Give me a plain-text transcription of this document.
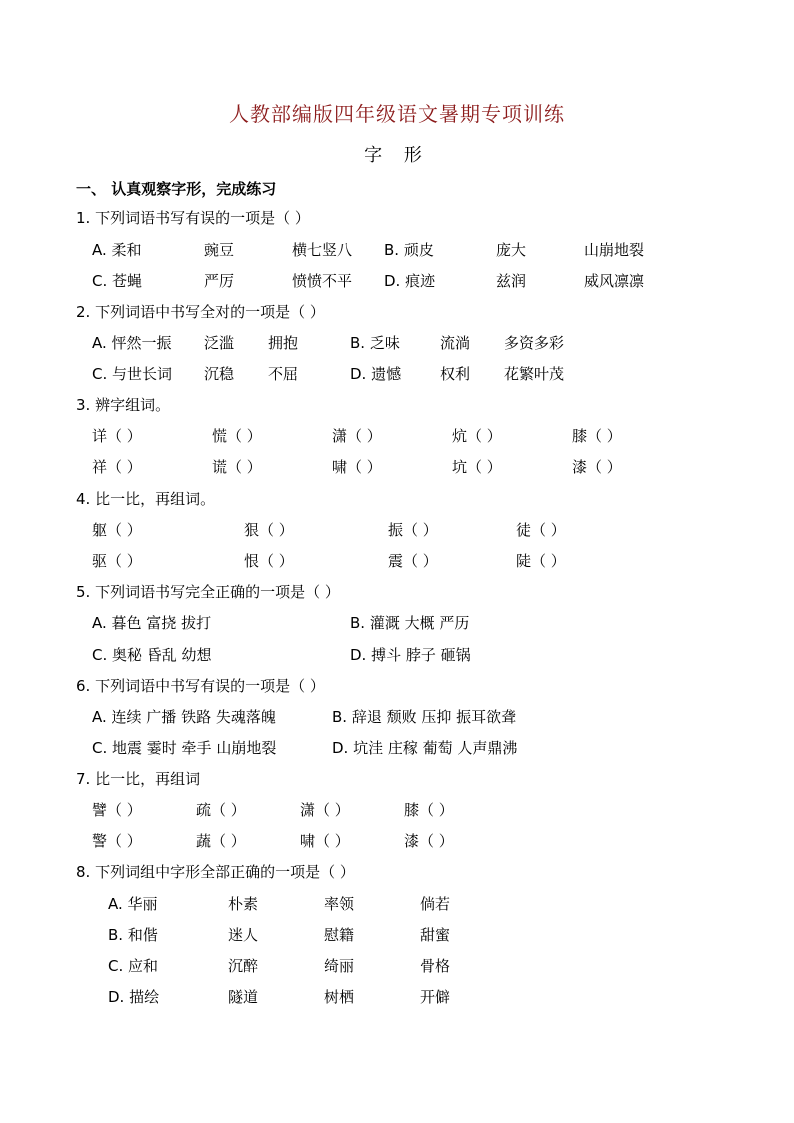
人教部编版四年级语文暑期专项训练
字 形
一、 认真观察字形，完成练习
1. 下列词语书写有误的一项是（ ）
A. 柔和	豌豆	横七竖八 B. 顽皮	庞大	山崩地裂
C. 苍蝇	严厉	愤愤不平 D. 痕迹	兹润	威风凛凛
2. 下列词语中书写全对的一项是（ ）
A. 怦然一振 泛滥 拥抱	B. 乏味	流淌 多资多彩
C. 与世长词 沉稳 不屈	D. 遗憾	权利 花繁叶茂
3. 辨字组词。
详（ ）	慌（ ）	潇（ ）	炕（ ）	膝（ ）
祥（ ）	谎（ ）	啸（ ）	坑（ ）	漆（ ）
4. 比一比，再组词。
躯（ ）	狠（ ）	振（ ）	徒（ ）
驱（ ）	恨（ ）	震（ ）	陡（ ）
5. 下列词语书写完全正确的一项是（ ）
A. 暮色 富挠 拔打	B. 灌溉 大概 严历
C. 奥秘 昏乱 幼想	D. 搏斗 脖子 砸锅
6. 下列词语中书写有误的一项是（ ）
A. 连续 广播 铁路 失魂落魄	B. 辞退 颓败 压抑 振耳欲聋
C. 地震 霎时 牵手 山崩地裂	D. 坑洼 庄稼 葡萄 人声鼎沸
7. 比一比，再组词
譬（ ）	疏（ ）	潇（ ）	膝（ ）
警（ ）	蔬（ ）	啸（ ）	漆（ ）
8. 下列词组中字形全部正确的一项是（ ）
A. 华丽	朴素	率领	倘若
B. 和偕	迷人	慰籍	甜蜜
C. 应和	沉醉	绮丽	骨格
D. 描绘	隧道	树栖	开僻
